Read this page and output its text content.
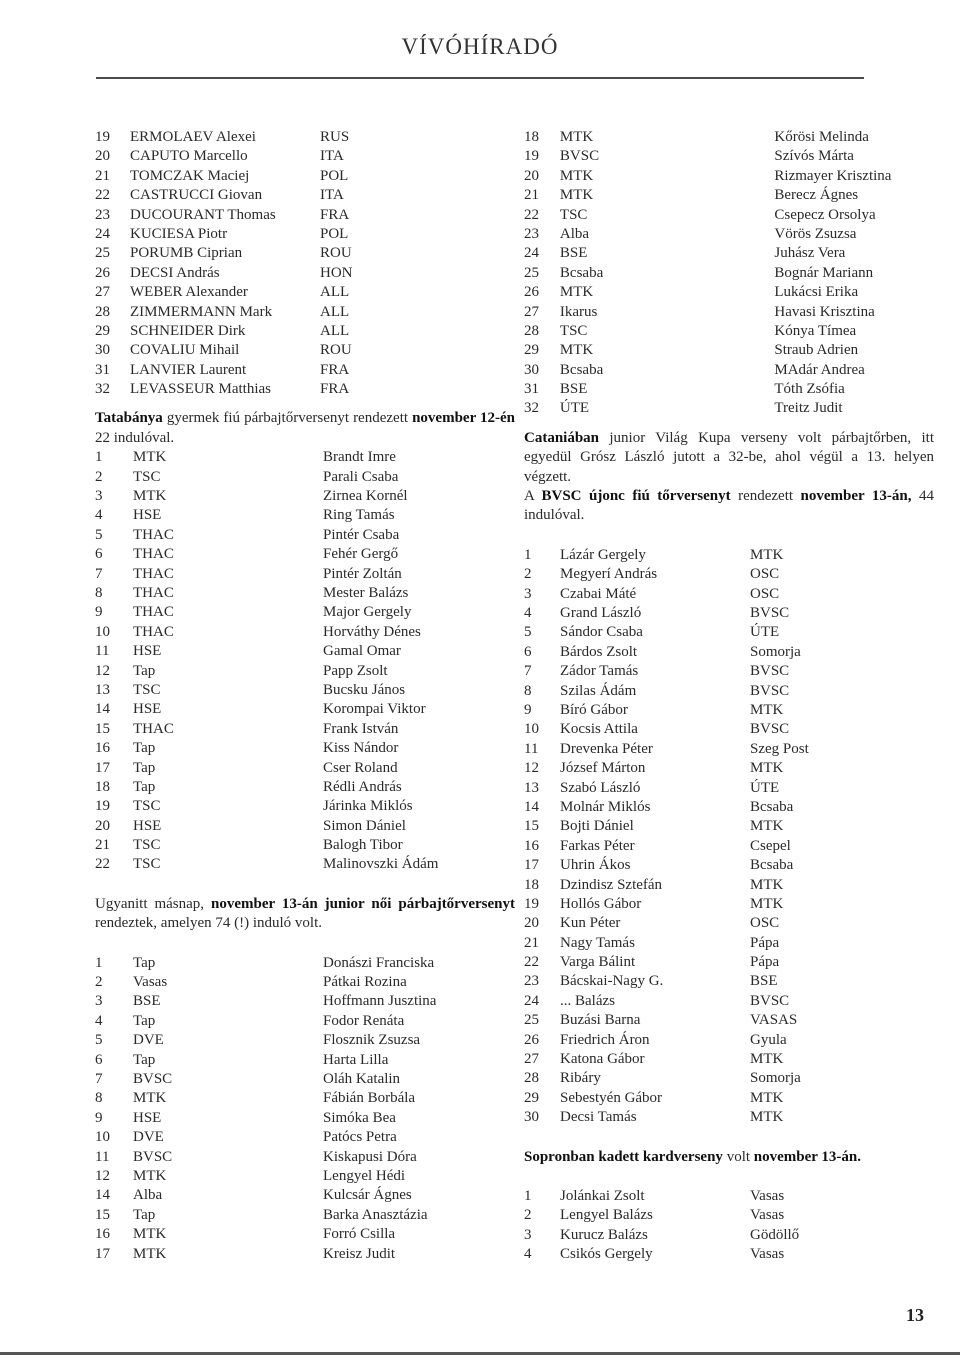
VÍVÓHÍRADÓ
19	ERMOLAEV Alexei	RUS
20	CAPUTO Marcello	ITA
21	TOMCZAK Maciej	POL
22	CASTRUCCI Giovan	ITA
23	DUCOURANT Thomas	FRA
24	KUCIESA Piotr	POL
25	PORUMB Ciprian	ROU
26	DECSI András	HON
27	WEBER Alexander	ALL
28	ZIMMERMANN Mark	ALL
29	SCHNEIDER Dirk	ALL
30	COVALIU Mihail	ROU
31	LANVIER Laurent	FRA
32	LEVASSEUR Matthias	FRA

Tatabánya gyermek fiú párbajtőrversenyt rendezett november 12-én 22 indulóval.

1	MTK	Brandt Imre
2	TSC	Parali Csaba
3	MTK	Zirnea Kornél
4	HSE	Ring Tamás
5	THAC	Pintér Csaba
6	THAC	Fehér Gergő
7	THAC	Pintér Zoltán
8	THAC	Mester Balázs
9	THAC	Major Gergely
10	THAC	Horváthy Dénes
11	HSE	Gamal Omar
12	Tap	Papp Zsolt
13	TSC	Bucsku János
14	HSE	Korompai Viktor
15	THAC	Frank István
16	Tap	Kiss Nándor
17	Tap	Cser Roland
18	Tap	Rédli András
19	TSC	Járinka Miklós
20	HSE	Simon Dániel
21	TSC	Balogh Tibor
22	TSC	Malinovszki Ádám

Ugyanitt másnap, november 13-án junior női párbajtőrversenyt rendeztek, amelyen 74 (!) induló volt.

1	Tap	Donászi Franciska
2	Vasas	Pátkai Rozina
3	BSE	Hoffmann Jusztina
4	Tap	Fodor Renáta
5	DVE	Flosznik Zsuzsa
6	Tap	Harta Lilla
7	BVSC	Oláh Katalin
8	MTK	Fábián Borbála
9	HSE	Simóka Bea
10	DVE	Patócs Petra
11	BVSC	Kiskapusi Dóra
12	MTK	Lengyel Hédi
14	Alba	Kulcsár Ágnes
15	Tap	Barka Anasztázia
16	MTK	Forró Csilla
17	MTK	Kreisz Judit
18	MTK	Kőrösi Melinda
19	BVSC	Szívós Márta
20	MTK	Rizmayer Krisztina
21	MTK	Berecz Ágnes
22	TSC	Csepecz Orsolya
23	Alba	Vörös Zsuzsa
24	BSE	Juhász Vera
25	Bcsaba	Bognár Mariann
26	MTK	Lukácsi Erika
27	Ikarus	Havasi Krisztina
28	TSC	Kónya Tímea
29	MTK	Straub Adrien
30	Bcsaba	MAdár Andrea
31	BSE	Tóth Zsófia
32	ÚTE	Treitz Judit

Cataniában junior Világ Kupa verseny volt párbajtőrben, itt egyedül Grósz László jutott a 32-be, ahol végül a 13. helyen végzett.

A BVSC újonc fiú tőrversenyt rendezett november 13-án, 44 indulóval.

1	Lázár Gergely	MTK
2	Megyerí András	OSC
3	Czabai Máté	OSC
4	Grand László	BVSC
5	Sándor Csaba	ÚTE
6	Bárdos Zsolt	Somorja
7	Zádor Tamás	BVSC
8	Szilas Ádám	BVSC
9	Bíró Gábor	MTK
10	Kocsis Attila	BVSC
11	Drevenka Péter	Szeg Post
12	József Márton	MTK
13	Szabó László	ÚTE
14	Molnár Miklós	Bcsaba
15	Bojti Dániel	MTK
16	Farkas Péter	Csepel
17	Uhrin Ákos	Bcsaba
18	Dzindisz Sztefán	MTK
19	Hollós Gábor	MTK
20	Kun Péter	OSC
21	Nagy Tamás	Pápa
22	Varga Bálint	Pápa
23	Bácskai-Nagy G.	BSE
24	... Balázs	BVSC
25	Buzási Barna	VASAS
26	Friedrich Áron	Gyula
27	Katona Gábor	MTK
28	Ribáry	Somorja
29	Sebestyén Gábor	MTK
30	Decsi Tamás	MTK

Sopronban kadett kardverseny volt november 13-án.

1	Jolánkai Zsolt	Vasas
2	Lengyel Balázs	Vasas
3	Kurucz Balázs	Gödöllő
4	Csikós Gergely	Vasas
13
